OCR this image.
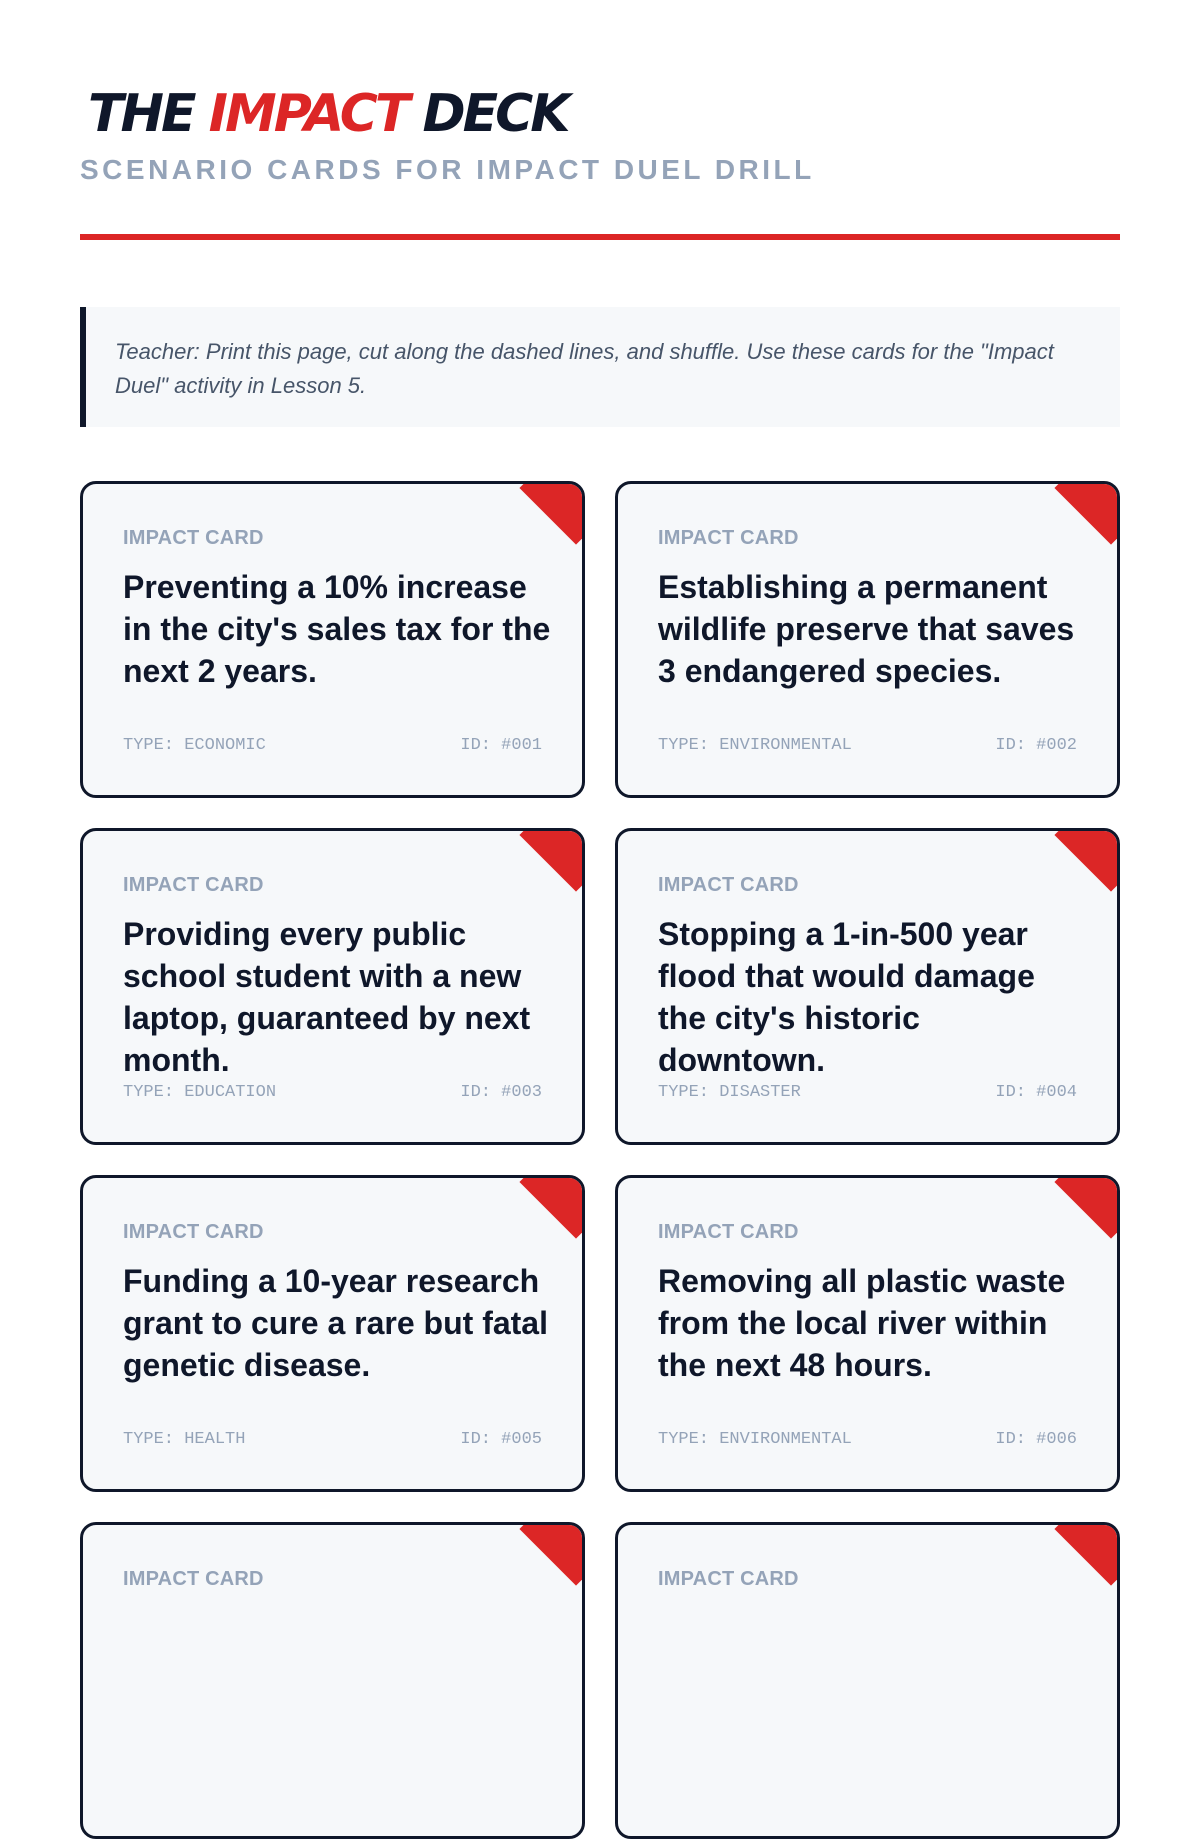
THE IMPACT DECK
SCENARIO CARDS FOR IMPACT DUEL DRILL

Teacher: Print this page, cut along the dashed lines, and shuffle. Use these cards for the "Impact Duel" activity in Lesson 5.

IMPACT CARD

Preventing a 10% increase in the city's sales tax for the next 2 years.

TYPE: ECONOMIC	ID: #001
IMPACT CARD

Establishing a permanent wildlife preserve that saves 3 endangered species.

TYPE: ENVIRONMENTAL	ID: #002
IMPACT CARD

Providing every public school student with a new laptop, guaranteed by next month.

TYPE: EDUCATION	ID: #003
IMPACT CARD

Stopping a 1-in-500 year flood that would damage the city's historic downtown.

TYPE: DISASTER	ID: #004
IMPACT CARD

Funding a 10-year research grant to cure a rare but fatal genetic disease.

TYPE: HEALTH	ID: #005
IMPACT CARD

Removing all plastic waste from the local river within the next 48 hours.

TYPE: ENVIRONMENTAL	ID: #006
IMPACT CARD	IMPACT CARD
